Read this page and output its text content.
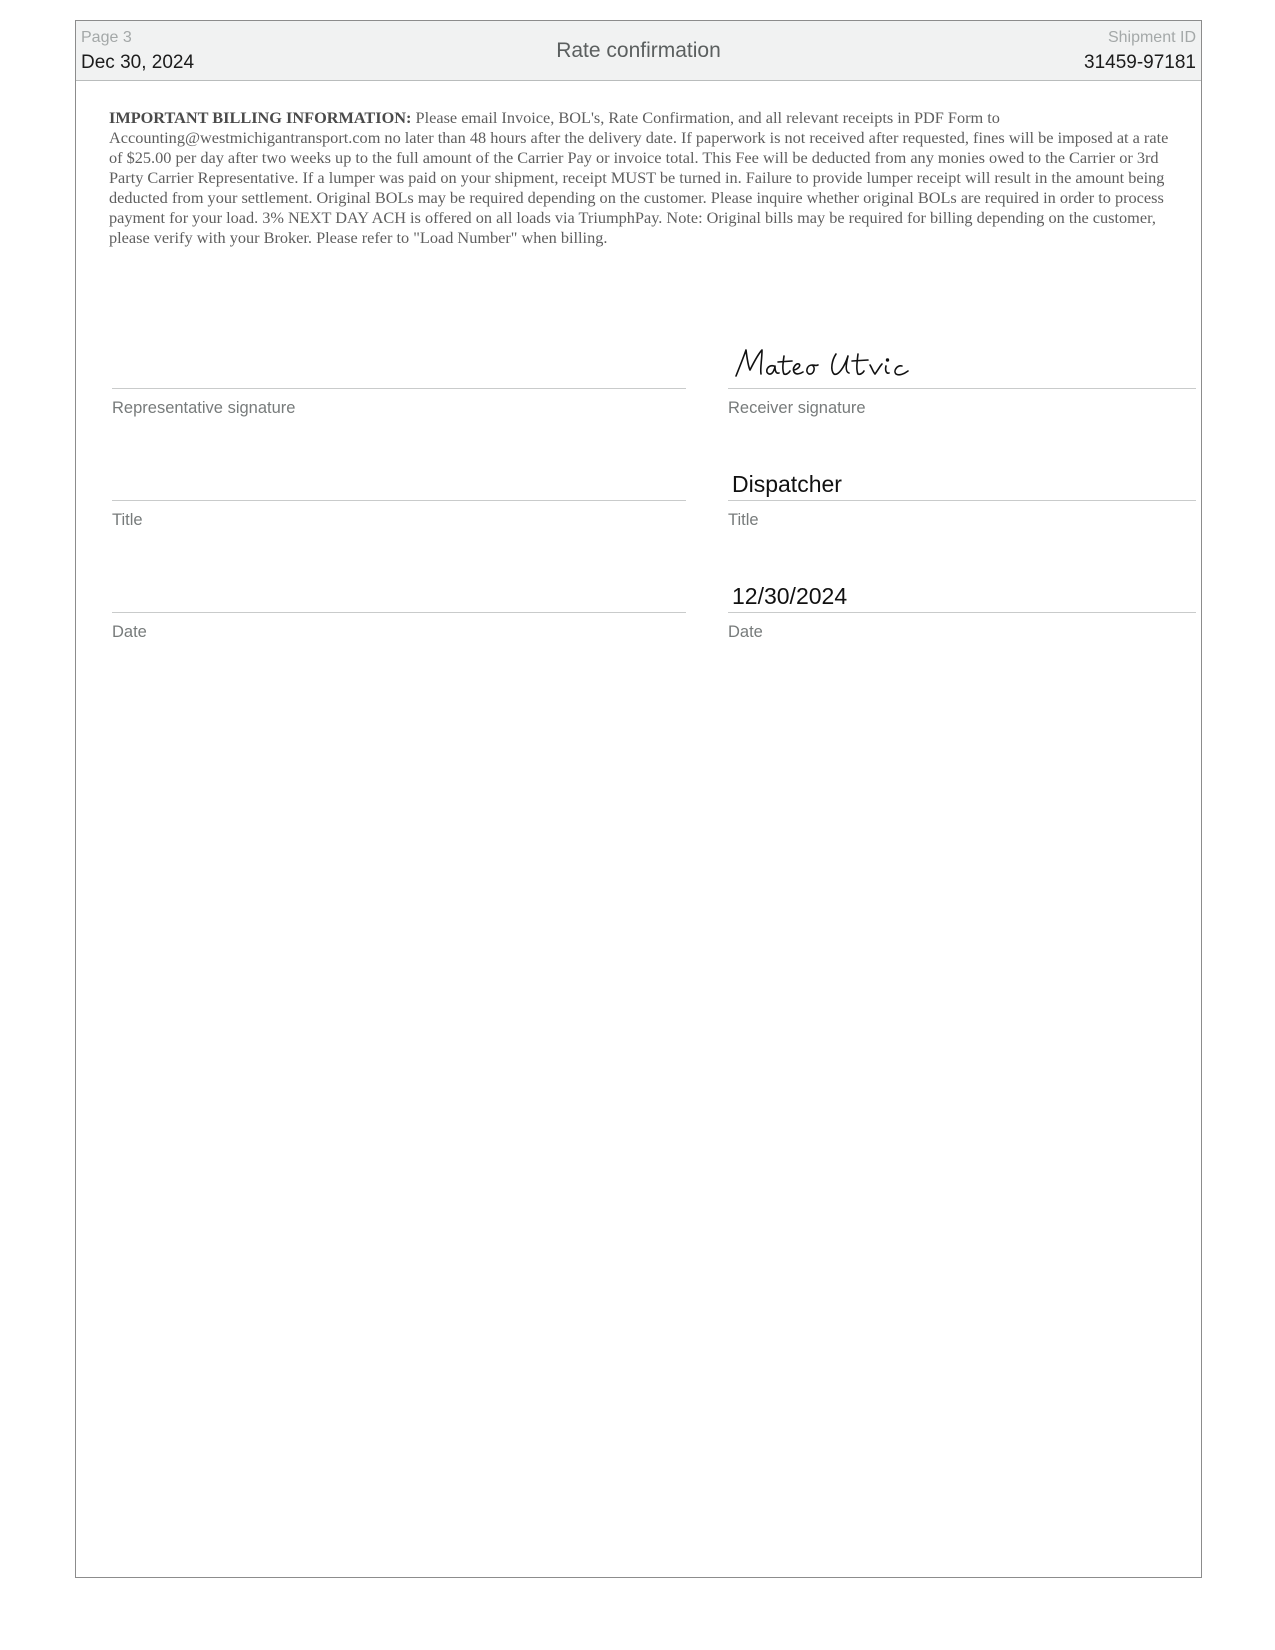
Page 3
Dec 30, 2024
Rate confirmation
Shipment ID
31459-97181
IMPORTANT BILLING INFORMATION: Please email Invoice, BOL's, Rate Confirmation, and all relevant receipts in PDF Form to Accounting@westmichigantransport.com no later than 48 hours after the delivery date. If paperwork is not received after requested, fines will be imposed at a rate of $25.00 per day after two weeks up to the full amount of the Carrier Pay or invoice total. This Fee will be deducted from any monies owed to the Carrier or 3rd Party Carrier Representative. If a lumper was paid on your shipment, receipt MUST be turned in. Failure to provide lumper receipt will result in the amount being deducted from your settlement. Original BOLs may be required depending on the customer. Please inquire whether original BOLs are required in order to process payment for your load. 3% NEXT DAY ACH is offered on all loads via TriumphPay. Note: Original bills may be required for billing depending on the customer, please verify with your Broker. Please refer to "Load Number" when billing.
Representative signature
Title
Date
Receiver signature
Dispatcher
Title
12/30/2024
Date
